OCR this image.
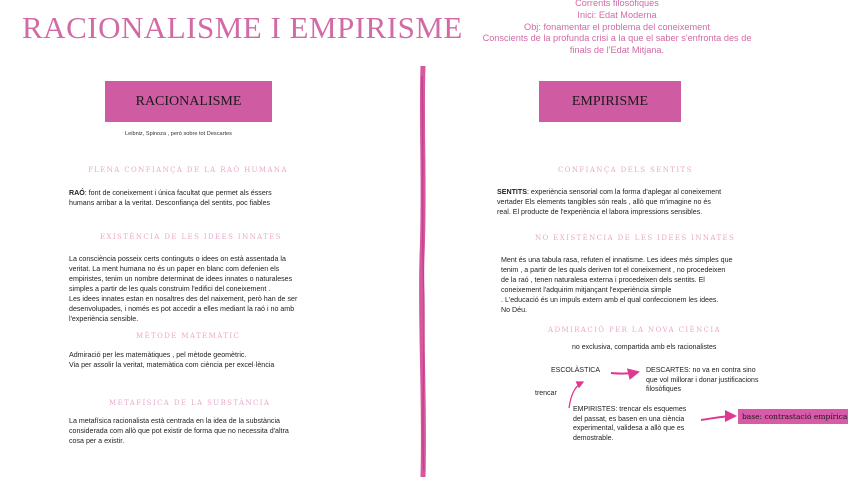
RACIONALISME I EMPIRISME
Corrents filosòfiques
Inici: Edat Moderna
Obj: fonamentar el problema del coneixement
Conscients de la profunda crisi a la que el saber s'enfronta des de
finals de l'Edat Mitjana.
RACIONALISME
Leibniz, Spinoza , però sobre tot Descartes
PLENA CONFIANÇA DE LA RAÓ HUMANA
RAÓ: font de coneixement i única facultat que permet als éssers
humans arribar a la veritat. Desconfiança del sentits, poc fiables
EXISTÈNCIA DE LES IDEES INNATES
La consciència posseix certs continguts o idees on està assentada la
veritat. La ment humana no és un paper en blanc com defenien els
empiristes, tenim un nombre determinat de idees innates o naturaleses
simples a partir de les quals construim l'edifici del coneixement .
Les idees innates estan en nosaltres des del naixement, però han de ser
desenvolupades, i només es pot accedir a elles mediant la raó i no amb
l'experiència sensible.
MÈTODE MATEMÀTIC
Admiració per les matemàtiques , pel mètode geomètric.
Via per assolir la veritat, matemàtica com ciència per excel·lència
METAFÍSICA DE LA SUBSTÀNCIA
La metafísica racionalista està centrada en la idea de la substància
considerada com allò que pot existir de forma que no necessita d'altra
cosa per a existir.
EMPIRISME
CONFIANÇA DELS SENTITS
SENTITS: experiència sensorial com la forma d'aplegar al coneixement
vertader Els elements tangibles són reals , allò que m'imagine no és
real. El producte de l'experiència el labora impressions sensibles.
NO EXISTÈNCIA DE LES IDEES INNATES
Ment és una tabula rasa, refuten el innatisme. Les idees més simples que
tenim , a partir de les quals deriven tot el coneixement , no procedeixen
de la raó , tenen naturalesa externa i procedeixen dels sentits. El
coneixement l'adquirim mitjançant l'experiència simple
. L'educació és un impuls extern amb el qual confeccionem les idees.
No Déu.
ADMIRACIÓ PER LA NOVA CIÈNCIA
no exclusiva, compartida amb els racionalistes
ESCOLÀSTICA
trencar
DESCARTES: no va en contra sino
que vol millorar i donar justificacions
filosòfiques
EMPIRISTES: trencar els esquemes
del passat, es basen en una ciència
experimental, validesa a allò que es
demostrable.
base: contrastació empírica
